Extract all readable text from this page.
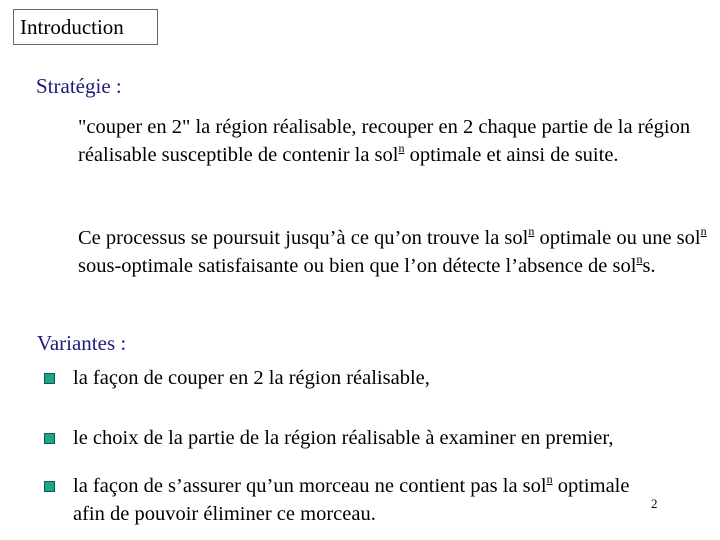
Introduction
Stratégie :

"couper en 2" la région réalisable, recouper en 2 chaque partie de la région réalisable susceptible de contenir la sol$^n$ optimale et ainsi de suite.

Ce processus se poursuit jusqu’à ce qu’on trouve la sol$^n$ optimale ou une sol$^n$ sous-optimale satisfaisante ou bien que l’on détecte l’absence de sol$^n$s.

Variantes :
la façon de couper en 2 la région réalisable,
le choix de la partie de la région réalisable à examiner en premier,
la façon de s’assurer qu’un morceau ne contient pas la sol$^n$ optimale afin de pouvoir éliminer ce morceau.	2
